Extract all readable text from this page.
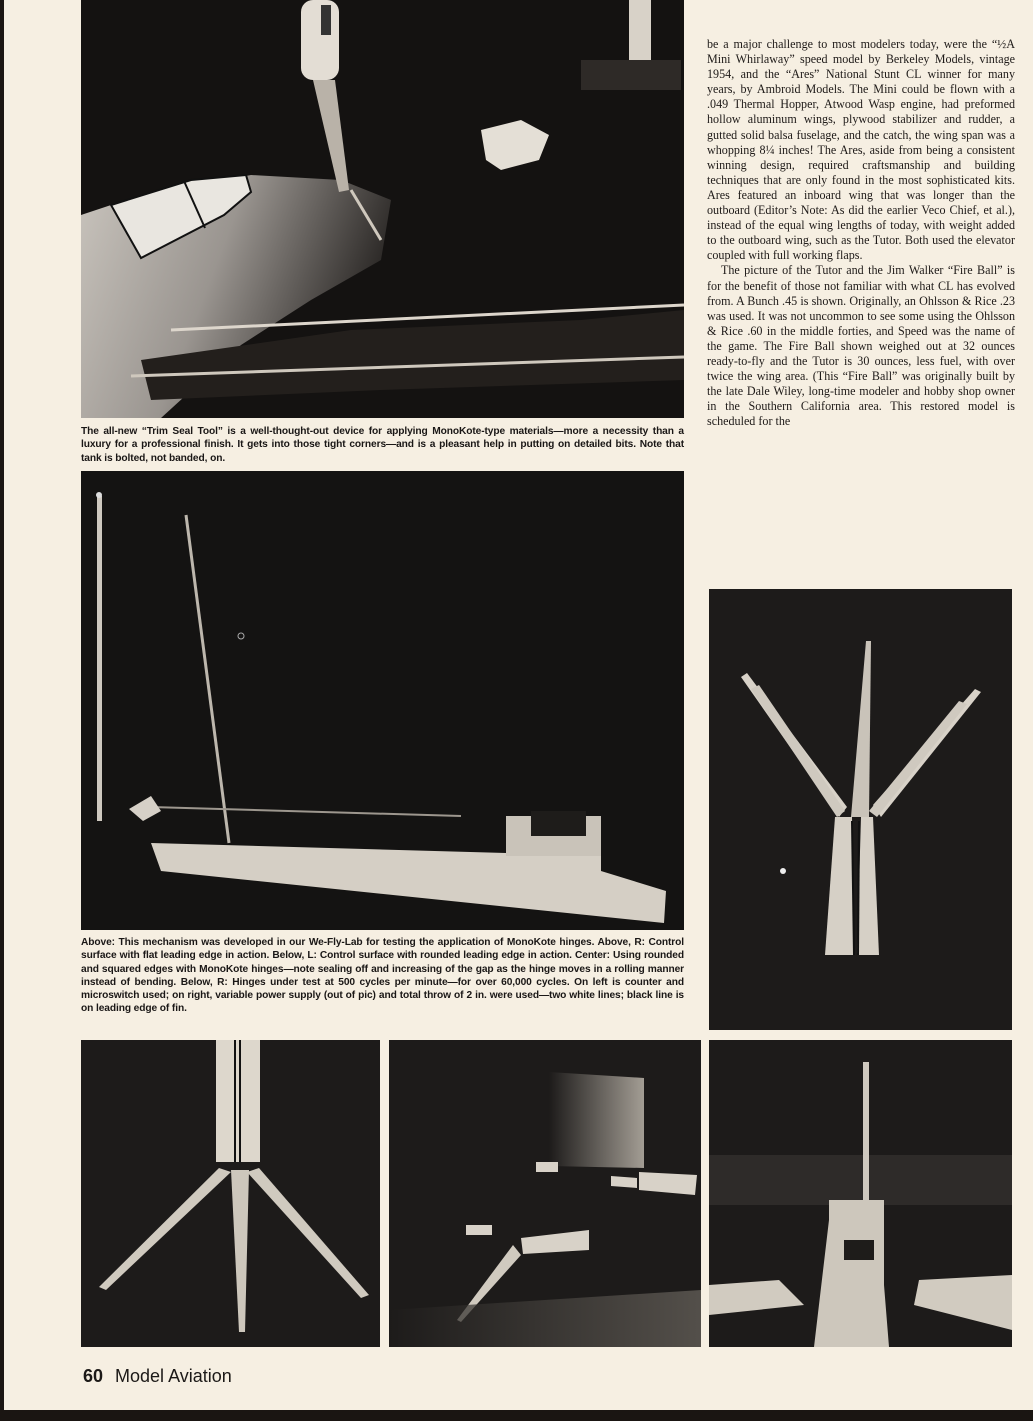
The all-new “Trim Seal Tool” is a well-thought-out device for applying MonoKote-type materials—more a necessity than a luxury for a professional finish. It gets into those tight corners—and is a pleasant help in putting on detailed bits. Note that tank is bolted, not banded, on.
Above: This mechanism was developed in our We-Fly-Lab for testing the application of MonoKote hinges. Above, R: Control surface with flat leading edge in action. Below, L: Control surface with rounded leading edge in action. Center: Using rounded and squared edges with MonoKote hinges—note sealing off and increasing of the gap as the hinge moves in a rolling manner instead of bending. Below, R: Hinges under test at 500 cycles per minute—for over 60,000 cycles. On left is counter and microswitch used; on right, variable power supply (out of pic) and total throw of 2 in. were used—two white lines; black line is on leading edge of fin.

be a major challenge to most modelers today, were the “½A Mini Whirlaway” speed model by Berkeley Models, vintage 1954, and the “Ares” National Stunt CL winner for many years, by Ambroid Models. The Mini could be flown with a .049 Thermal Hopper, Atwood Wasp engine, had preformed hollow aluminum wings, plywood stabilizer and rudder, a gutted solid balsa fuselage, and the catch, the wing span was a whopping 8¼ inches! The Ares, aside from being a consistent winning design, required craftsmanship and building techniques that are only found in the most sophisticated kits. Ares featured an inboard wing that was longer than the outboard (Editor’s Note: As did the earlier Veco Chief, et al.), instead of the equal wing lengths of today, with weight added to the outboard wing, such as the Tutor. Both used the elevator coupled with full working flaps.

The picture of the Tutor and the Jim Walker “Fire Ball” is for the benefit of those not familiar with what CL has evolved from. A Bunch .45 is shown. Originally, an Ohlsson & Rice .23 was used. It was not uncommon to see some using the Ohlsson & Rice .60 in the middle forties, and Speed was the name of the game. The Fire Ball shown weighed out at 32 ounces ready-to-fly and the Tutor is 30 ounces, less fuel, with over twice the wing area. (This “Fire Ball” was originally built by the late Dale Wiley, long-time modeler and hobby shop owner in the Southern California area. This restored model is scheduled for the

60 Model Aviation
